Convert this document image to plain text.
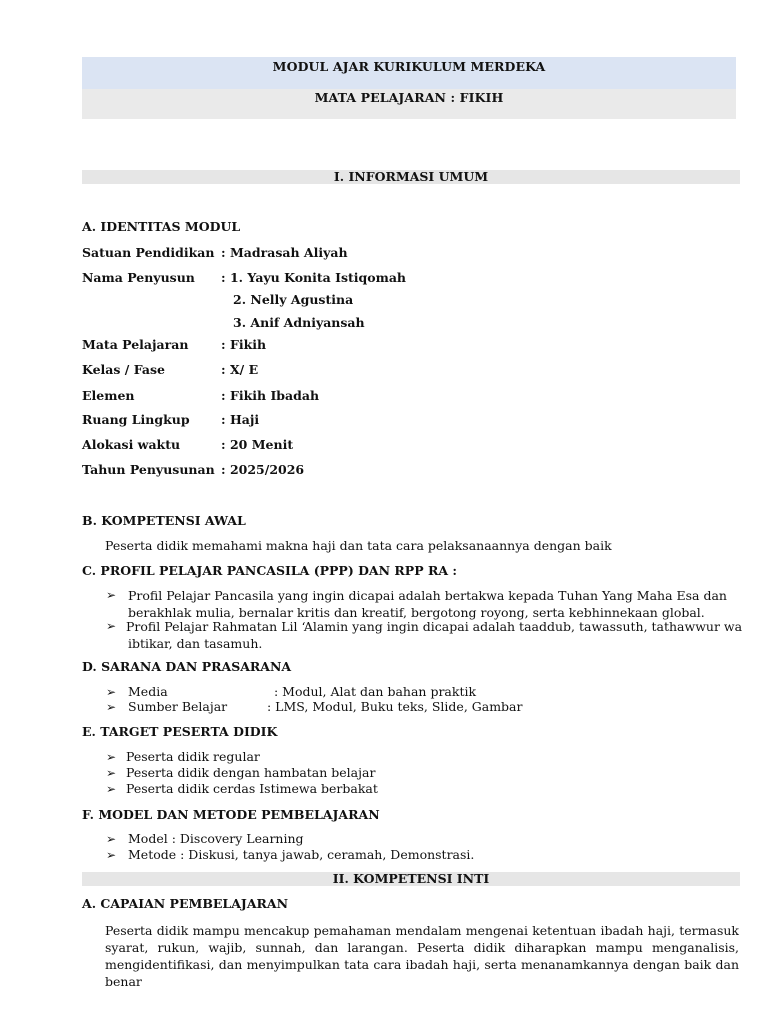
MODUL AJAR KURIKULUM MERDEKA
MATA PELAJARAN : FIKIH
I. INFORMASI UMUM
A. IDENTITAS MODUL
Satuan Pendidikan : Madrasah Aliyah
Nama Penyusun : 1. Yayu Konita Istiqomah
2. Nelly Agustina
3. Anif Adniyansah
Mata Pelajaran	: Fikih
Kelas / Fase	: X/ E
Elemen	: Fikih Ibadah
Ruang Lingkup	: Haji
Alokasi waktu	: 20 Menit
Tahun Penyusunan : 2025/2026
B. KOMPETENSI AWAL
Peserta didik memahami makna haji dan tata cara pelaksanaannya dengan baik
C. PROFIL PELAJAR PANCASILA (PPP) DAN RPP RA :
➢ Profil Pelajar Pancasila yang ingin dicapai adalah bertakwa kepada Tuhan Yang Maha Esa dan
berakhlak mulia, bernalar kritis dan kreatif, bergotong royong, serta kebhinnekaan global.
➢ Profil Pelajar Rahmatan Lil ‘Alamin yang ingin dicapai adalah taaddub, tawassuth, tathawwur wa
ibtikar, dan tasamuh.
D. SARANA DAN PRASARANA
➢ Media	: Modul, Alat dan bahan praktik
➢ Sumber Belajar	: LMS, Modul, Buku teks, Slide, Gambar
E. TARGET PESERTA DIDIK
➢ Peserta didik regular
➢ Peserta didik dengan hambatan belajar
➢ Peserta didik cerdas Istimewa berbakat
F. MODEL DAN METODE PEMBELAJARAN
➢ Model : Discovery Learning
➢ Metode : Diskusi, tanya jawab, ceramah, Demonstrasi.
II. KOMPETENSI INTI
A. CAPAIAN PEMBELAJARAN
Peserta didik mampu mencakup pemahaman mendalam mengenai ketentuan ibadah haji, termasuk
syarat, rukun, wajib, sunnah, dan larangan. Peserta didik diharapkan mampu menganalisis,
mengidentifikasi, dan menyimpulkan tata cara ibadah haji, serta menanamkannya dengan baik dan
benar
